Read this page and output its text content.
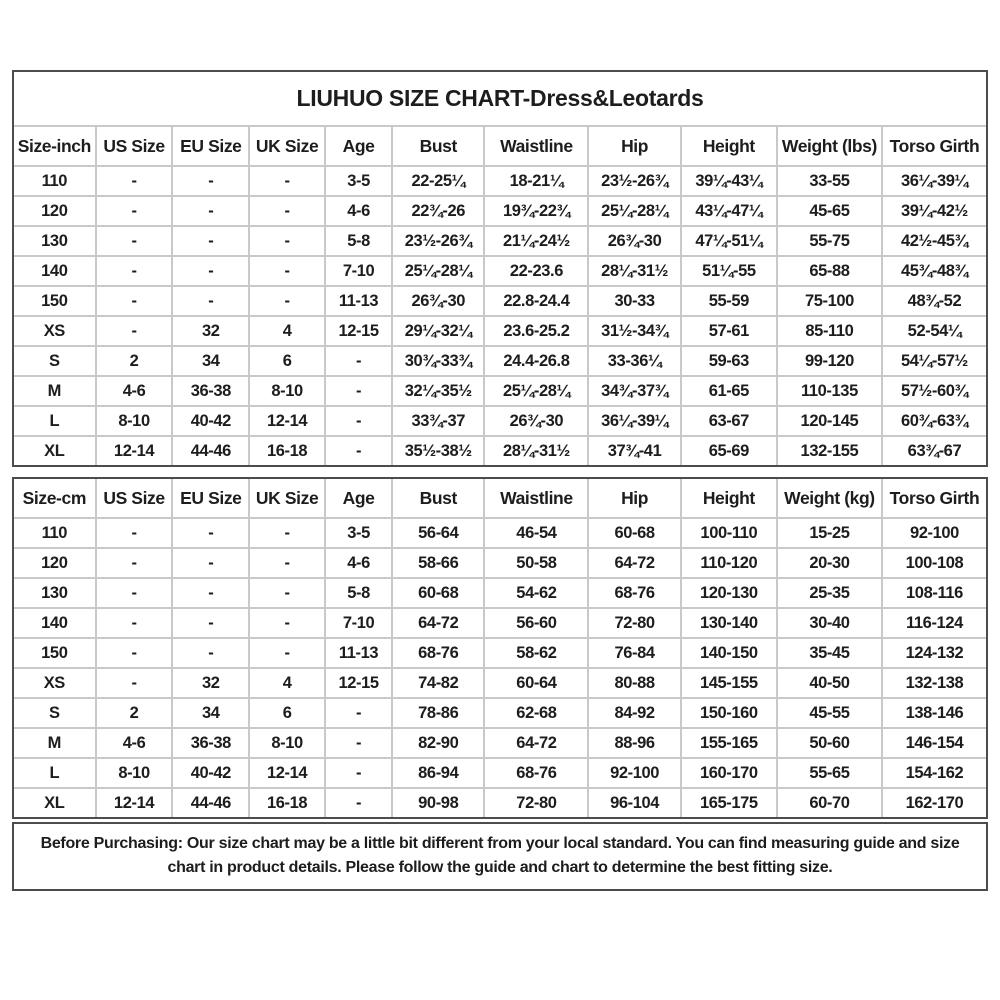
LIUHUO SIZE CHART-Dress&Leotards
Size-inch	US Size	EU Size	UK Size	Age	Bust	Waistline	Hip	Height	Weight (lbs)	Torso Girth
110	-	-	-	3-5	22-25¼	18-21¼	23½-26¾	39¼-43¼	33-55	36¼-39¼
120	-	-	-	4-6	22¾-26	19¾-22¾	25¼-28¼	43¼-47¼	45-65	39¼-42½
130	-	-	-	5-8	23½-26¾	21¼-24½	26¾-30	47¼-51¼	55-75	42½-45¾
140	-	-	-	7-10	25¼-28¼	22-23.6	28¼-31½	51¼-55	65-88	45¾-48¾
150	-	-	-	11-13	26¾-30	22.8-24.4	30-33	55-59	75-100	48¾-52
XS	-	32	4	12-15	29¼-32¼	23.6-25.2	31½-34¾	57-61	85-110	52-54¼
S	2	34	6	-	30¾-33¾	24.4-26.8	33-36¼	59-63	99-120	54¼-57½
M	4-6	36-38	8-10	-	32¼-35½	25¼-28¼	34¾-37¾	61-65	110-135	57½-60¾
L	8-10	40-42	12-14	-	33¾-37	26¾-30	36¼-39¼	63-67	120-145	60¾-63¾
XL	12-14	44-46	16-18	-	35½-38½	28¼-31½	37¾-41	65-69	132-155	63¾-67
Size-cm	US Size	EU Size	UK Size	Age	Bust	Waistline	Hip	Height	Weight (kg)	Torso Girth
110	-	-	-	3-5	56-64	46-54	60-68	100-110	15-25	92-100
120	-	-	-	4-6	58-66	50-58	64-72	110-120	20-30	100-108
130	-	-	-	5-8	60-68	54-62	68-76	120-130	25-35	108-116
140	-	-	-	7-10	64-72	56-60	72-80	130-140	30-40	116-124
150	-	-	-	11-13	68-76	58-62	76-84	140-150	35-45	124-132
XS	-	32	4	12-15	74-82	60-64	80-88	145-155	40-50	132-138
S	2	34	6	-	78-86	62-68	84-92	150-160	45-55	138-146
M	4-6	36-38	8-10	-	82-90	64-72	88-96	155-165	50-60	146-154
L	8-10	40-42	12-14	-	86-94	68-76	92-100	160-170	55-65	154-162
XL	12-14	44-46	16-18	-	90-98	72-80	96-104	165-175	60-70	162-170
Before Purchasing: Our size chart may be a little bit different from your local standard. You can find measuring guide and size chart in product details. Please follow the guide and chart to determine the best fitting size.
